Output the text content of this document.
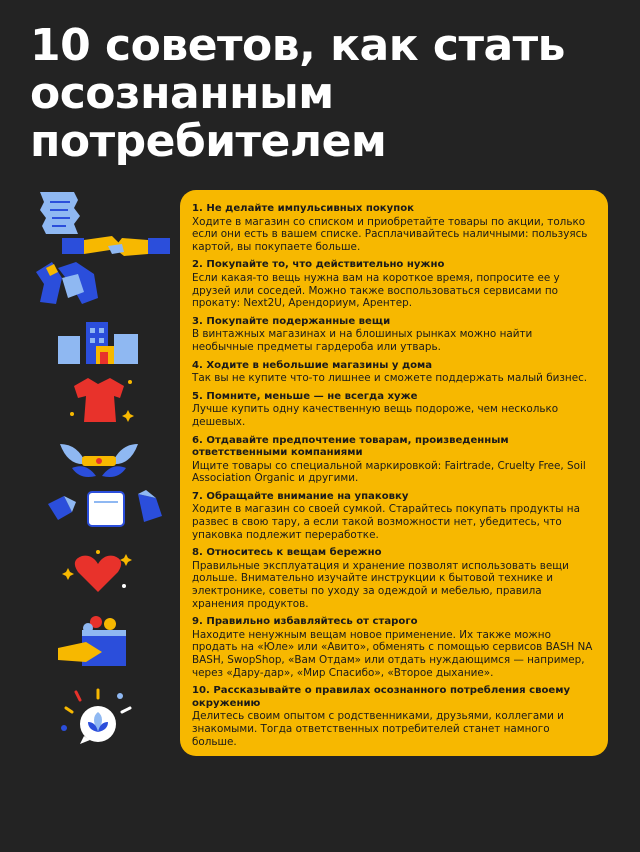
10 советов, как стать осознанным потребителем
1. Не делайте импульсивных покупок
Ходите в магазин со списком и приобретайте товары по акции, только если они есть в вашем списке. Расплачивайтесь наличными: пользуясь картой, вы покупаете больше.
2. Покупайте то, что действительно нужно
Если какая-то вещь нужна вам на короткое время, попросите ее у друзей или соседей. Можно также воспользоваться сервисами по прокату: Next2U, Арендориум, Арентер.
3. Покупайте подержанные вещи
В винтажных магазинах и на блошиных рынках можно найти необычные предметы гардероба или утварь.
4. Ходите в небольшие магазины у дома
Так вы не купите что-то лишнее и сможете поддержать малый бизнес.
5. Помните, меньше — не всегда хуже
Лучше купить одну качественную вещь подороже, чем несколько дешевых.
6. Отдавайте предпочтение товарам, произведенным ответственными компаниями
Ищите товары со специальной маркировкой: Fairtrade, Cruelty Free, Soil Association Organic и другими.
7. Обращайте внимание на упаковку
Ходите в магазин со своей сумкой. Старайтесь покупать продукты на развес в свою тару, а если такой возможности нет, убедитесь, что упаковка подлежит переработке.
8. Относитесь к вещам бережно
Правильные эксплуатация и хранение позволят использовать вещи дольше. Внимательно изучайте инструкции к бытовой технике и электронике, советы по уходу за одеждой и мебелью, правила хранения продуктов.
9. Правильно избавляйтесь от старого
Находите ненужным вещам новое применение. Их также можно продать на «Юле» или «Авито», обменять с помощью сервисов BASH NA BASH, SwopShop, «Вам Отдам» или отдать нуждающимся — например, через «Дару-дар», «Мир Спасибо», «Второе дыхание».
10. Рассказывайте о правилах осознанного потребления своему окружению
Делитесь своим опытом с родственниками, друзьями, коллегами и знакомыми. Тогда ответственных потребителей станет намного больше.
